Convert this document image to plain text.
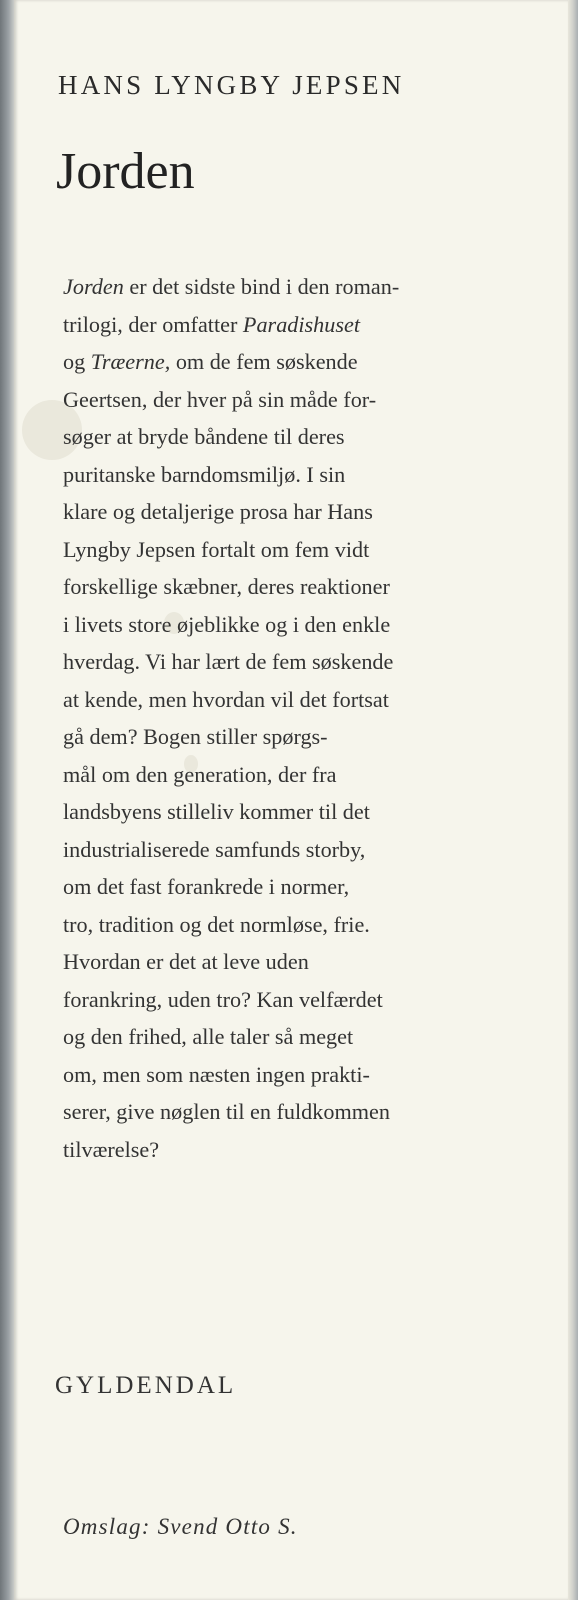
HANS LYNGBY JEPSEN
Jorden
Jorden er det sidste bind i den roman-
trilogi, der omfatter Paradishuset
og Træerne, om de fem søskende
Geertsen, der hver på sin måde for-
søger at bryde båndene til deres
puritanske barndomsmiljø. I sin
klare og detaljerige prosa har Hans
Lyngby Jepsen fortalt om fem vidt
forskellige skæbner, deres reaktioner
i livets store øjeblikke og i den enkle
hverdag. Vi har lært de fem søskende
at kende, men hvordan vil det fortsat
gå dem? Bogen stiller spørgs-
mål om den generation, der fra
landsbyens stilleliv kommer til det
industrialiserede samfunds storby,
om det fast forankrede i normer,
tro, tradition og det normløse, frie.
Hvordan er det at leve uden
forankring, uden tro? Kan velfærdet
og den frihed, alle taler så meget
om, men som næsten ingen prakti-
serer, give nøglen til en fuldkommen
tilværelse?
GYLDENDAL
Omslag: Svend Otto S.
